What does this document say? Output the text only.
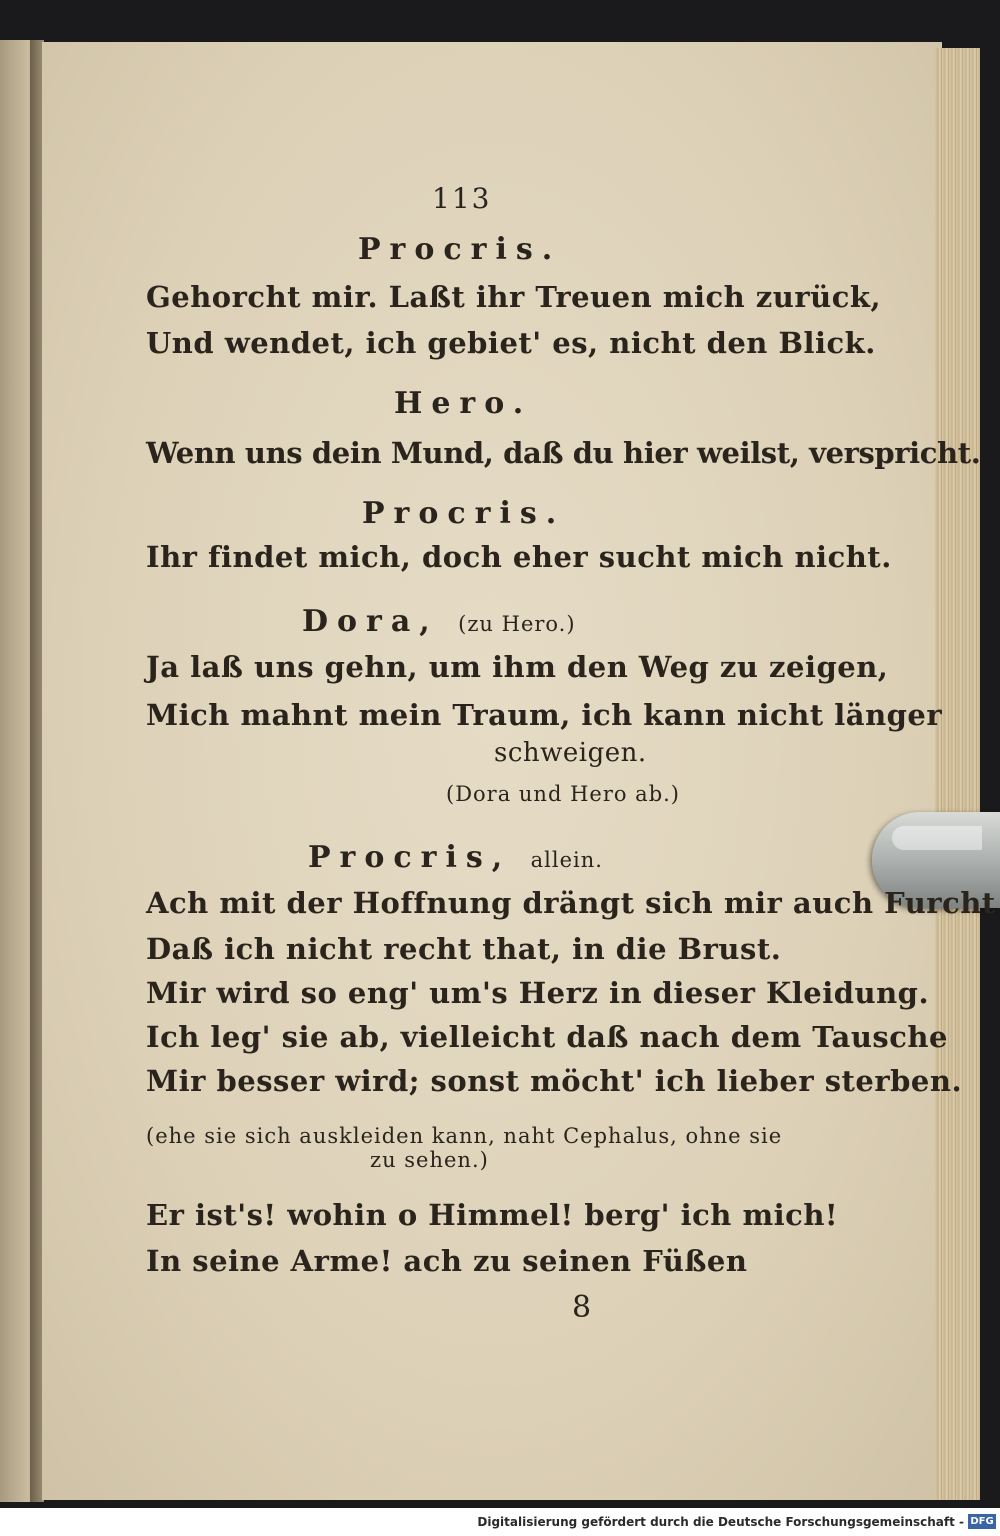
113
Procris.
Gehorcht mir. Laßt ihr Treuen mich zurück,
Und wendet, ich gebiet' es, nicht den Blick.
Hero.
Wenn uns dein Mund, daß du hier weilst, verspricht.
Procris.
Ihr findet mich, doch eher sucht mich nicht.
Dora, (zu Hero.)
Ja laß uns gehn, um ihm den Weg zu zeigen,
Mich mahnt mein Traum, ich kann nicht länger
schweigen.
(Dora und Hero ab.)
Procris, allein.
Ach mit der Hoffnung drängt sich mir auch Furcht
Daß ich nicht recht that, in die Brust.
Mir wird so eng' um's Herz in dieser Kleidung.
Ich leg' sie ab, vielleicht daß nach dem Tausche
Mir besser wird; sonst möcht' ich lieber sterben.
(ehe sie sich auskleiden kann, naht Cephalus, ohne sie
zu sehen.)
Er ist's! wohin o Himmel! berg' ich mich!
In seine Arme! ach zu seinen Füßen
8
Digitalisierung gefördert durch die Deutsche Forschungsgemeinschaft - DFG
